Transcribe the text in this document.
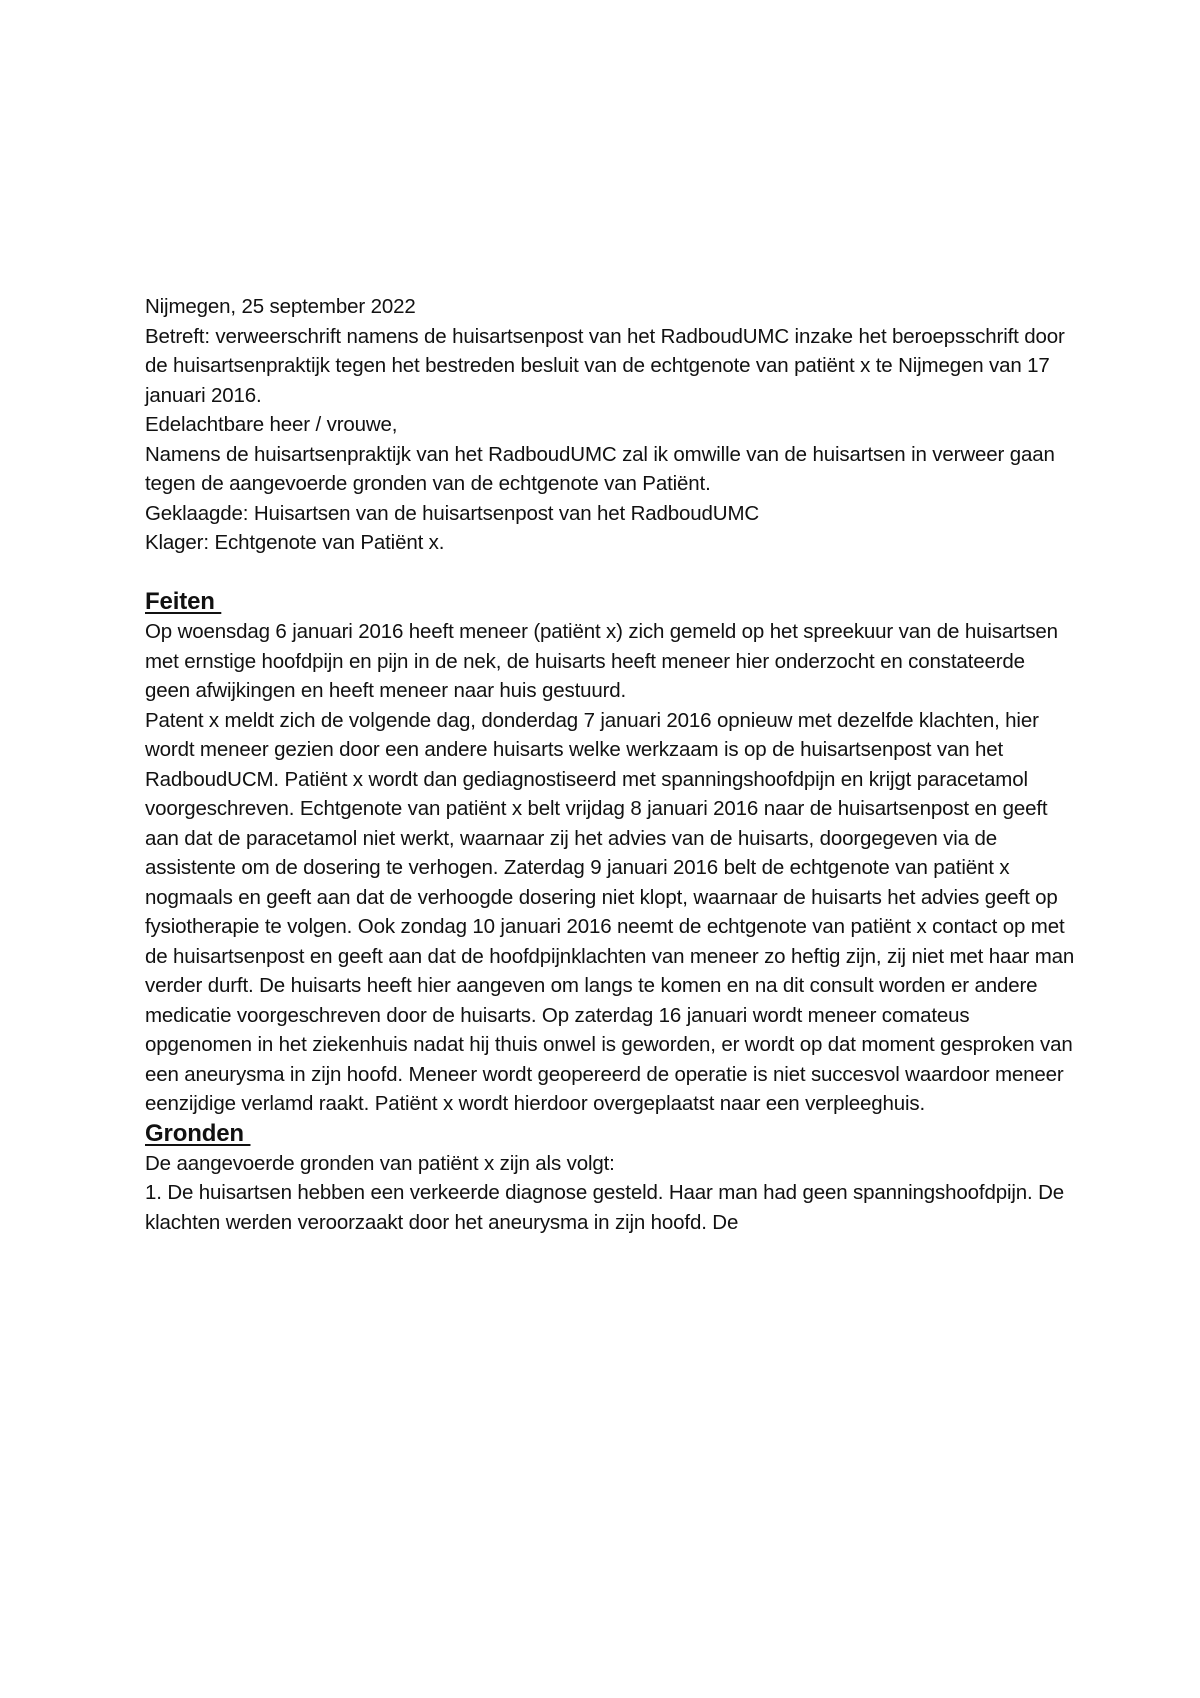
Nijmegen, 25 september 2022

Betreft: verweerschrift namens de huisartsenpost van het RadboudUMC inzake het beroepsschrift door de huisartsenpraktijk tegen het bestreden besluit van de echtgenote van patiënt x te Nijmegen van 17 januari 2016.

Edelachtbare heer / vrouwe,

Namens de huisartsenpraktijk van het RadboudUMC zal ik omwille van de huisartsen in verweer gaan tegen de aangevoerde gronden van de echtgenote van Patiënt.

Geklaagde: Huisartsen van de huisartsenpost van het RadboudUMC

Klager: Echtgenote van Patiënt x.

Feiten

Op woensdag 6 januari 2016 heeft meneer (patiënt x) zich gemeld op het spreekuur van de huisartsen met ernstige hoofdpijn en pijn in de nek, de huisarts heeft meneer hier onderzocht en constateerde geen afwijkingen en heeft meneer naar huis gestuurd.

Patent x meldt zich de volgende dag, donderdag 7 januari 2016 opnieuw met dezelfde klachten, hier wordt meneer gezien door een andere huisarts welke werkzaam is op de huisartsenpost van het RadboudUCM. Patiënt x wordt dan gediagnostiseerd met spanningshoofdpijn en krijgt paracetamol voorgeschreven. Echtgenote van patiënt x belt vrijdag 8 januari 2016 naar de huisartsenpost en geeft aan dat de paracetamol niet werkt, waarnaar zij het advies van de huisarts, doorgegeven via de assistente om de dosering te verhogen. Zaterdag 9 januari 2016 belt de echtgenote van patiënt x nogmaals en geeft aan dat de verhoogde dosering niet klopt, waarnaar de huisarts het advies geeft op fysiotherapie te volgen. Ook zondag 10 januari 2016 neemt de echtgenote van patiënt x contact op met de huisartsenpost en geeft aan dat de hoofdpijnklachten van meneer zo heftig zijn, zij niet met haar man verder durft. De huisarts heeft hier aangeven om langs te komen en na dit consult worden er andere medicatie voorgeschreven door de huisarts. Op zaterdag 16 januari wordt meneer comateus opgenomen in het ziekenhuis nadat hij thuis onwel is geworden, er wordt op dat moment gesproken van een aneurysma in zijn hoofd. Meneer wordt geopereerd de operatie is niet succesvol waardoor meneer eenzijdige verlamd raakt. Patiënt x wordt hierdoor overgeplaatst naar een verpleeghuis.

Gronden

De aangevoerde gronden van patiënt x zijn als volgt:

1. De huisartsen hebben een verkeerde diagnose gesteld. Haar man had geen spanningshoofdpijn. De klachten werden veroorzaakt door het aneurysma in zijn hoofd. De
